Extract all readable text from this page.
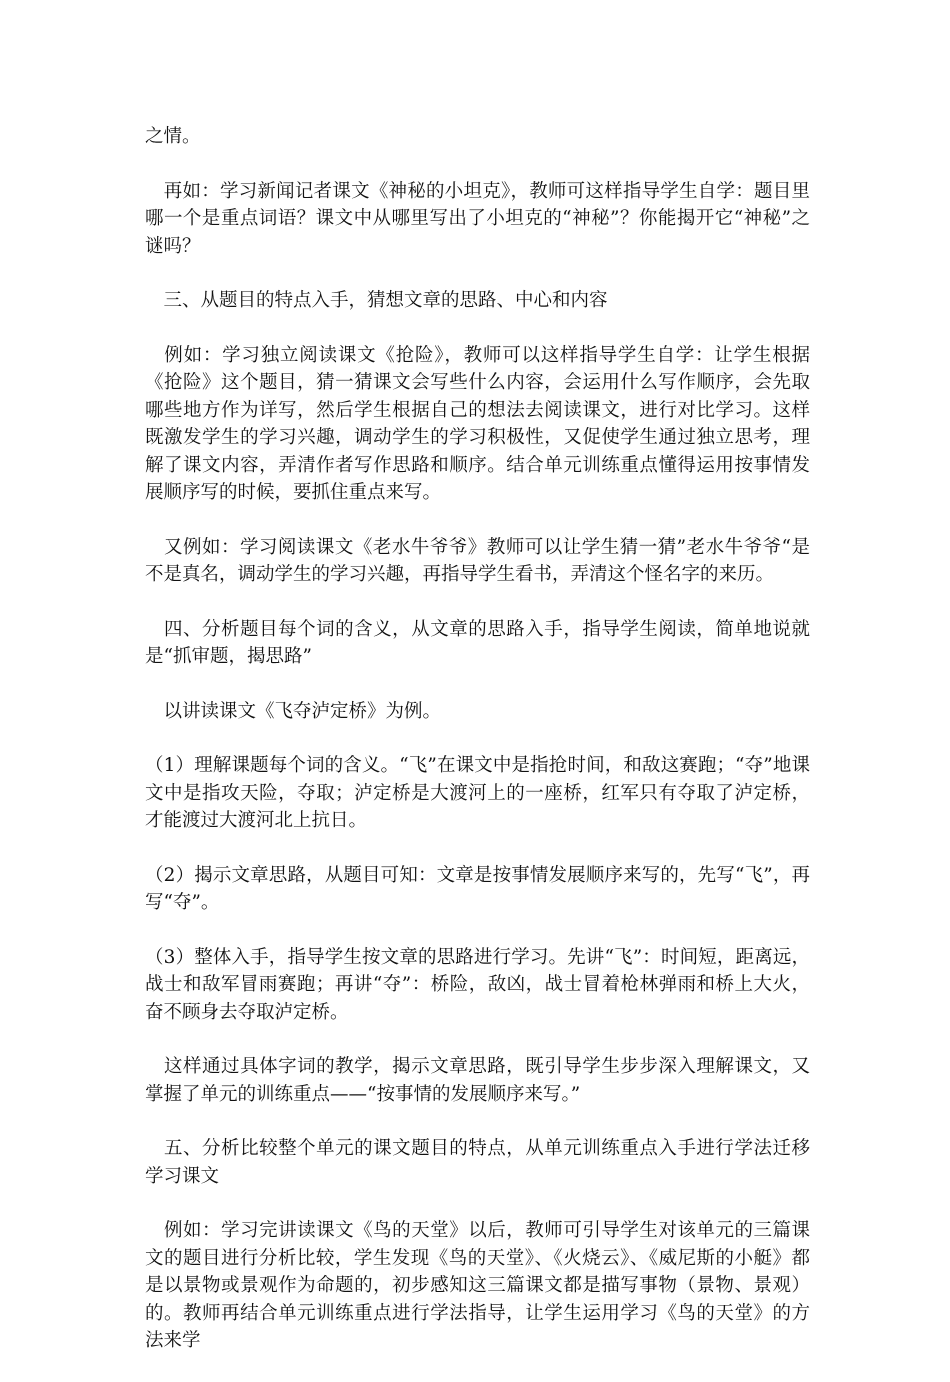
之情。

　再如：学习新闻记者课文《神秘的小坦克》，教师可这样指导学生自学：题目里哪一个是重点词语？课文中从哪里写出了小坦克的“神秘”？你能揭开它“神秘”之谜吗？

　三、从题目的特点入手，猜想文章的思路、中心和内容

　例如：学习独立阅读课文《抢险》，教师可以这样指导学生自学：让学生根据《抢险》这个题目，猜一猜课文会写些什么内容，会运用什么写作顺序，会先取哪些地方作为详写，然后学生根据自己的想法去阅读课文，进行对比学习。这样既激发学生的学习兴趣，调动学生的学习积极性，又促使学生通过独立思考，理解了课文内容，弄清作者写作思路和顺序。结合单元训练重点懂得运用按事情发展顺序写的时候，要抓住重点来写。

　又例如：学习阅读课文《老水牛爷爷》教师可以让学生猜一猜”老水牛爷爷“是不是真名，调动学生的学习兴趣，再指导学生看书，弄清这个怪名字的来历。

　四、分析题目每个词的含义，从文章的思路入手，指导学生阅读，简单地说就是“抓审题，揭思路”

　以讲读课文《飞夺泸定桥》为例。

（1）理解课题每个词的含义。“飞”在课文中是指抢时间，和敌这赛跑；“夺”地课文中是指攻天险，夺取；泸定桥是大渡河上的一座桥，红军只有夺取了泸定桥，才能渡过大渡河北上抗日。

（2）揭示文章思路，从题目可知：文章是按事情发展顺序来写的，先写“飞”，再写“夺”。

（3）整体入手，指导学生按文章的思路进行学习。先讲“飞”：时间短，距离远，战士和敌军冒雨赛跑；再讲“夺”：桥险，敌凶，战士冒着枪林弹雨和桥上大火，奋不顾身去夺取泸定桥。

　这样通过具体字词的教学，揭示文章思路，既引导学生步步深入理解课文，又掌握了单元的训练重点——“按事情的发展顺序来写。”

　五、分析比较整个单元的课文题目的特点，从单元训练重点入手进行学法迁移学习课文

　例如：学习完讲读课文《鸟的天堂》以后，教师可引导学生对该单元的三篇课文的题目进行分析比较，学生发现《鸟的天堂》、《火烧云》、《威尼斯的小艇》都是以景物或景观作为命题的，初步感知这三篇课文都是描写事物（景物、景观）的。教师再结合单元训练重点进行学法指导，让学生运用学习《鸟的天堂》的方法来学
